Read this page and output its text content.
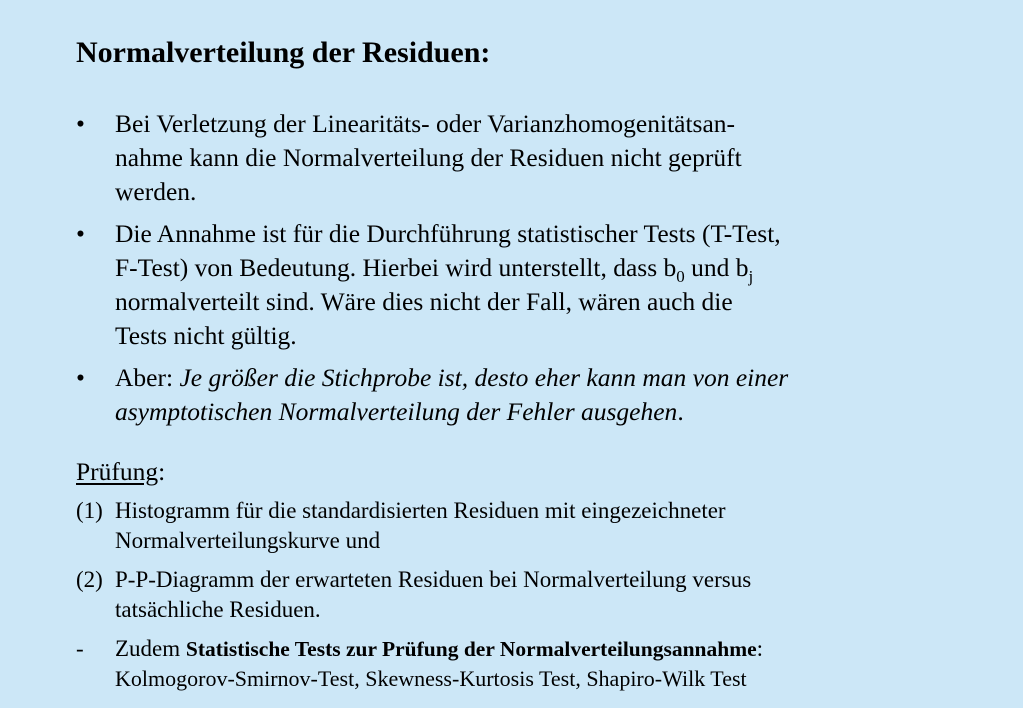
Normalverteilung der Residuen:
• Bei Verletzung der Linearitäts- oder Varianzhomogenitätsan-
nahme kann die Normalverteilung der Residuen nicht geprüft
werden.
• Die Annahme ist für die Durchführung statistischer Tests (T-Test,
F-Test) von Bedeutung. Hierbei wird unterstellt, dass $b_0$ und $b_j$
normalverteilt sind. Wäre dies nicht der Fall, wären auch die
Tests nicht gültig.
• Aber: Je größer die Stichprobe ist, desto eher kann man von einer
asymptotischen Normalverteilung der Fehler ausgehen.
Prüfung:
(1) Histogramm für die standardisierten Residuen mit eingezeichneter
Normalverteilungskurve und
(2) P-P-Diagramm der erwarteten Residuen bei Normalverteilung versus
tatsächliche Residuen.
- Zudem Statistische Tests zur Prüfung der Normalverteilungsannahme:
Kolmogorov-Smirnov-Test, Skewness-Kurtosis Test, Shapiro-Wilk Test
